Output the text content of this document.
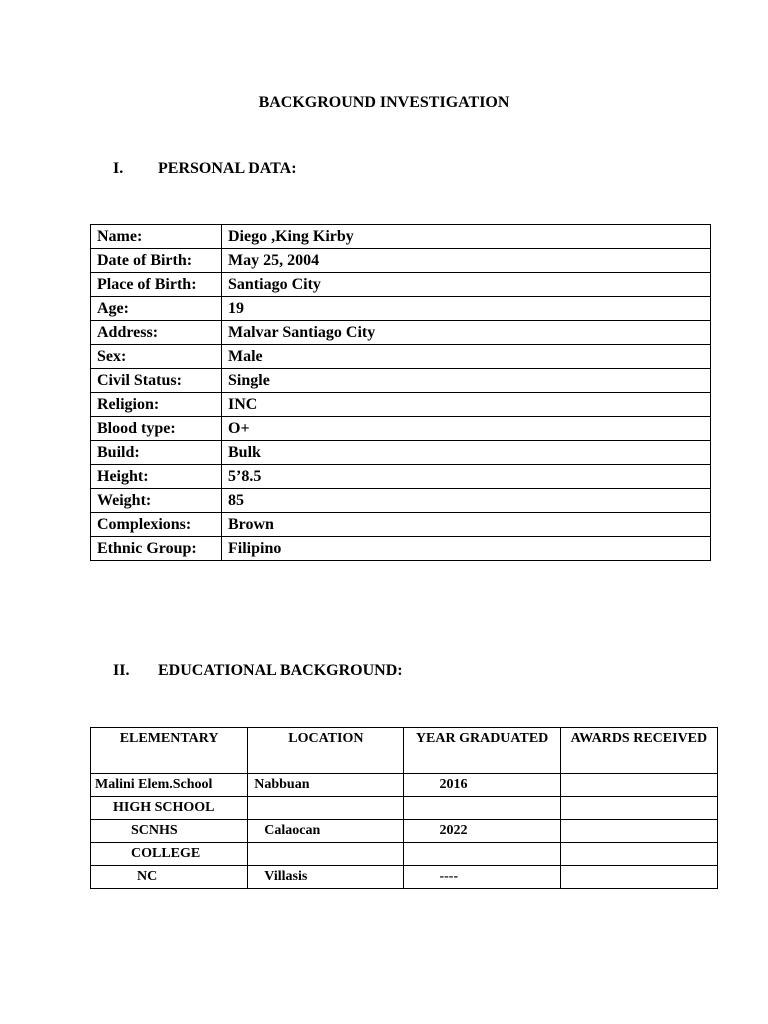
BACKGROUND INVESTIGATION
I. PERSONAL DATA:
Name:	Diego ,King Kirby
Date of Birth:	May 25, 2004
Place of Birth:	Santiago City
Age:	19
Address:	Malvar Santiago City
Sex:	Male
Civil Status:	Single
Religion:	INC
Blood type:	O+
Build:	Bulk
Height:	5’8.5
Weight:	85
Complexions:	Brown
Ethnic Group:	Filipino
II. EDUCATIONAL BACKGROUND:
ELEMENTARY	LOCATION	YEAR GRADUATED	AWARDS RECEIVED
Malini Elem.School	Nabbuan	2016	
HIGH SCHOOL			
SCNHS	Calaocan	2022	
COLLEGE			
NC	Villasis	----	
